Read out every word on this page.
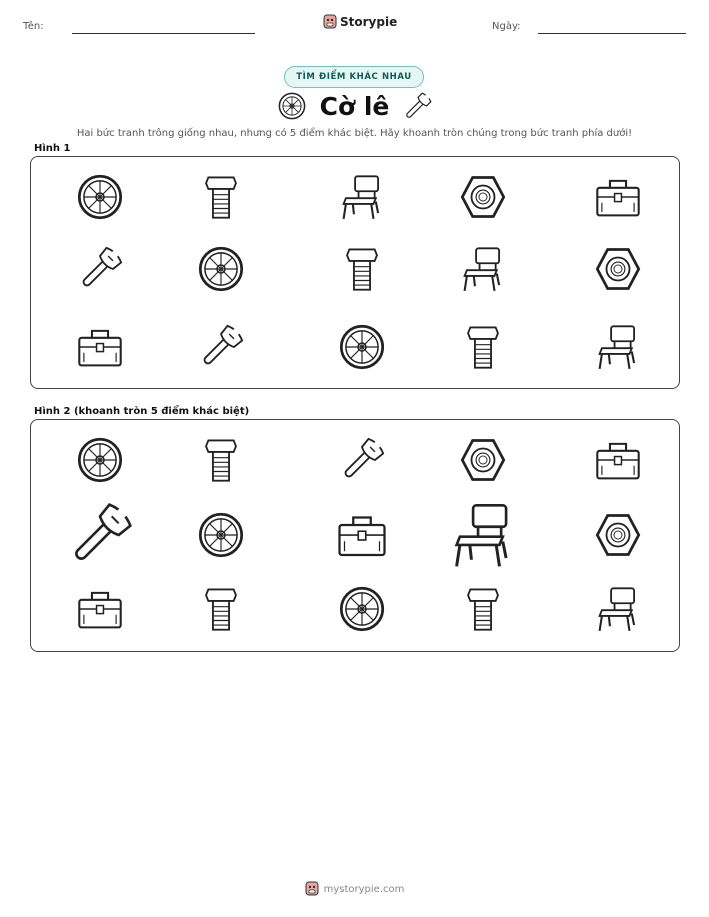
Tên:	Storypie	Ngày:
TÌM ĐIỂM KHÁC NHAU
Cờ lê
Hai bức tranh trông giống nhau, nhưng có 5 điểm khác biệt. Hãy khoanh tròn chúng trong bức tranh phía dưới!
Hình 1
Hình 2 (khoanh tròn 5 điểm khác biệt)
mystorypie.com
